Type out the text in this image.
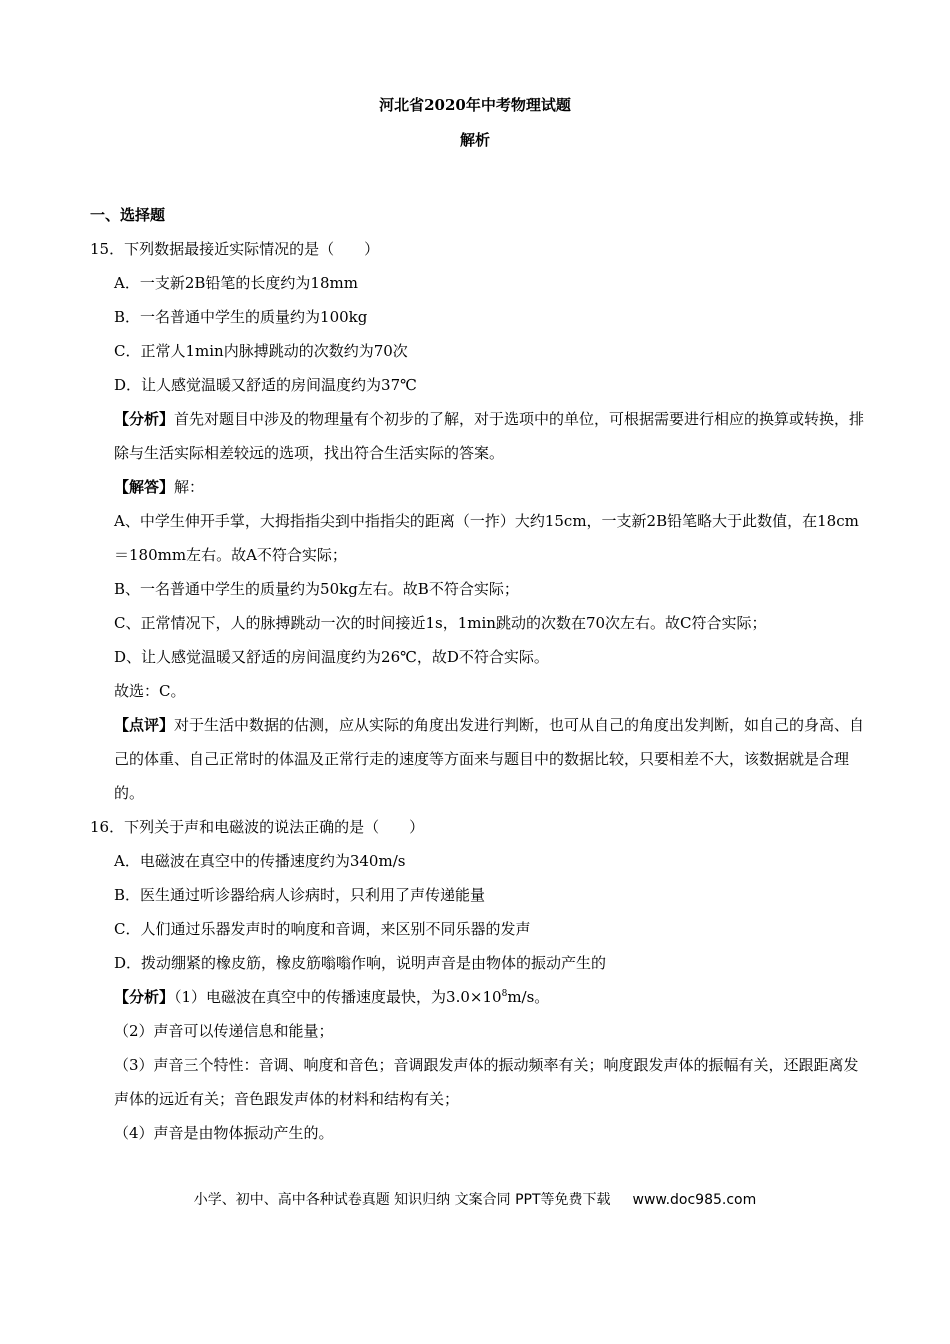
河北省2020年中考物理试题
解析
一、选择题
15．下列数据最接近实际情况的是（　　）
A．一支新2B铅笔的长度约为18mm
B．一名普通中学生的质量约为100kg
C．正常人1min内脉搏跳动的次数约为70次
D．让人感觉温暖又舒适的房间温度约为37℃
【分析】首先对题目中涉及的物理量有个初步的了解，对于选项中的单位，可根据需要进行相应的换算或转换，排除与生活实际相差较远的选项，找出符合生活实际的答案。
【解答】解：
A、中学生伸开手掌，大拇指指尖到中指指尖的距离（一拃）大约15cm，一支新2B铅笔略大于此数值，在18cm＝180mm左右。故A不符合实际；
B、一名普通中学生的质量约为50kg左右。故B不符合实际；
C、正常情况下，人的脉搏跳动一次的时间接近1s，1min跳动的次数在70次左右。故C符合实际；
D、让人感觉温暖又舒适的房间温度约为26℃，故D不符合实际。
故选：C。
【点评】对于生活中数据的估测，应从实际的角度出发进行判断，也可从自己的角度出发判断，如自己的身高、自己的体重、自己正常时的体温及正常行走的速度等方面来与题目中的数据比较，只要相差不大，该数据就是合理的。
16．下列关于声和电磁波的说法正确的是（　　）
A．电磁波在真空中的传播速度约为340m/s
B．医生通过听诊器给病人诊病时，只利用了声传递能量
C．人们通过乐器发声时的响度和音调，来区别不同乐器的发声
D．拨动绷紧的橡皮筋，橡皮筋嗡嗡作响，说明声音是由物体的振动产生的
【分析】（1）电磁波在真空中的传播速度最快，为$3.0\times 10^8m/s$。
（2）声音可以传递信息和能量；
（3）声音三个特性：音调、响度和音色；音调跟发声体的振动频率有关；响度跟发声体的振幅有关，还跟距离发声体的远近有关；音色跟发声体的材料和结构有关；
（4）声音是由物体振动产生的。
小学、初中、高中各种试卷真题 知识归纳 文案合同 PPT等免费下载 www.doc985.com
